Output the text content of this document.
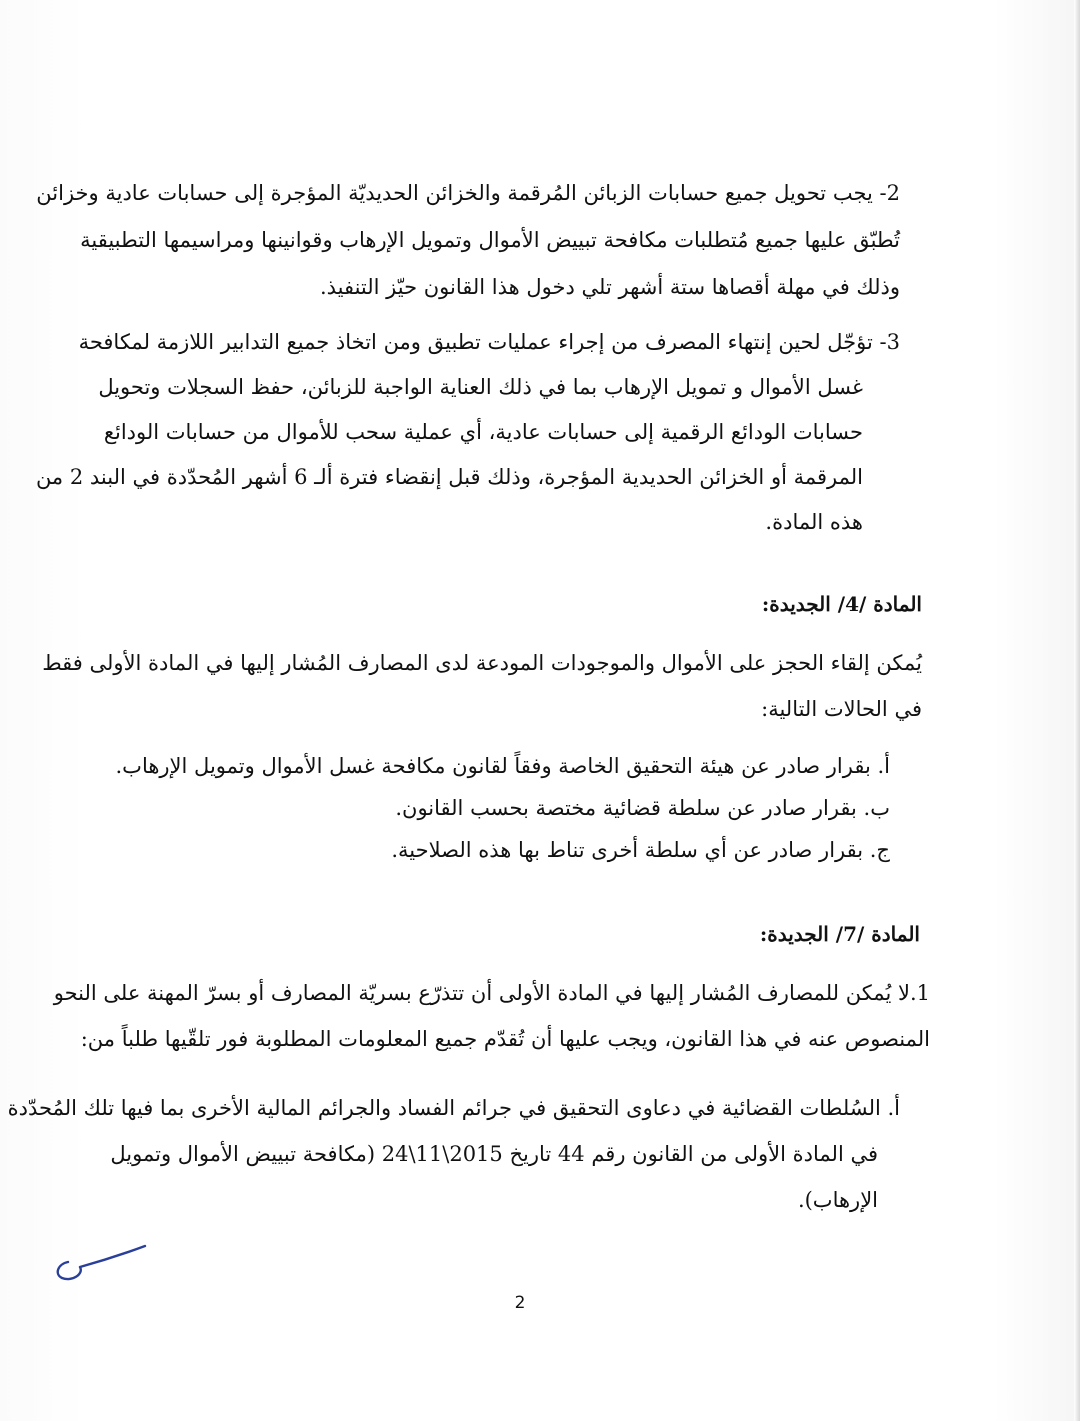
2- يجب تحويل جميع حسابات الزبائن المُرقمة والخزائن الحديديّة المؤجرة إلى حسابات عادية وخزائن
تُطبّق عليها جميع مُتطلبات مكافحة تبييض الأموال وتمويل الإرهاب وقوانينها ومراسيمها التطبيقية
وذلك في مهلة أقصاها ستة أشهر تلي دخول هذا القانون حيّز التنفيذ.
3- تؤجّل لحين إنتهاء المصرف من إجراء عمليات تطبيق ومن اتخاذ جميع التدابير اللازمة لمكافحة
غسل الأموال و تمويل الإرهاب بما في ذلك العناية الواجبة للزبائن، حفظ السجلات وتحويل
حسابات الودائع الرقمية إلى حسابات عادية، أي عملية سحب للأموال من حسابات الودائع
المرقمة أو الخزائن الحديدية المؤجرة، وذلك قبل إنقضاء فترة ألـ 6 أشهر المُحدّدة في البند 2 من
هذه المادة.
المادة /4/ الجديدة:
يُمكن إلقاء الحجز على الأموال والموجودات المودعة لدى المصارف المُشار إليها في المادة الأولى فقط
في الحالات التالية:
أ. بقرار صادر عن هيئة التحقيق الخاصة وفقاً لقانون مكافحة غسل الأموال وتمويل الإرهاب.
ب. بقرار صادر عن سلطة قضائية مختصة بحسب القانون.
ج. بقرار صادر عن أي سلطة أخرى تناط بها هذه الصلاحية.
المادة /7/ الجديدة:
1.لا يُمكن للمصارف المُشار إليها في المادة الأولى أن تتذرّع بسريّة المصارف أو بسرّ المهنة على النحو
المنصوص عنه في هذا القانون، ويجب عليها أن تُقدّم جميع المعلومات المطلوبة فور تلقّيها طلباً من:
أ. السُلطات القضائية في دعاوى التحقيق في جرائم الفساد والجرائم المالية الأخرى بما فيها تلك المُحدّدة
في المادة الأولى من القانون رقم 44 تاريخ 2015\11\24 (مكافحة تبييض الأموال وتمويل
الإرهاب).
2
